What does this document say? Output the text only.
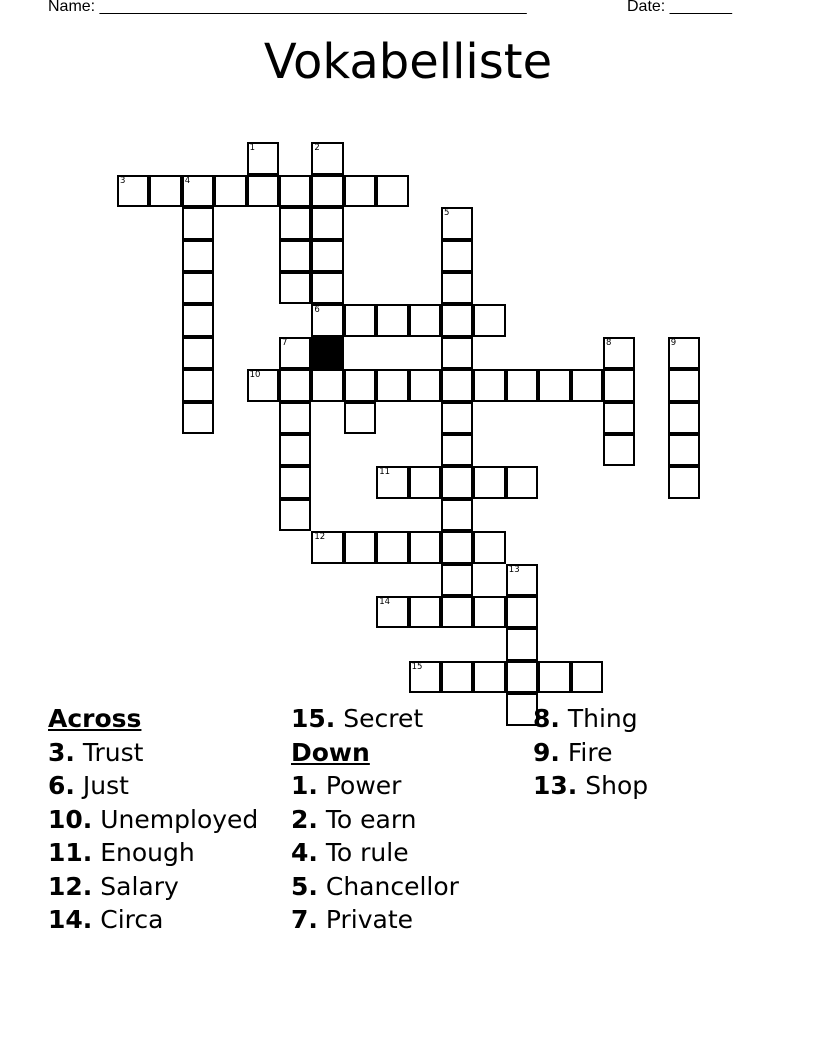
Name: ________________________________________________	Date: _______
Vokabelliste
1	2
3	4
5
6
7	8	9
10
11
12
13
14
15
Across
3. Trust
6. Just
10. Unemployed
11. Enough
12. Salary
14. Circa
15. Secret
Down
1. Power
2. To earn
4. To rule
5. Chancellor
7. Private
8. Thing
9. Fire
13. Shop
